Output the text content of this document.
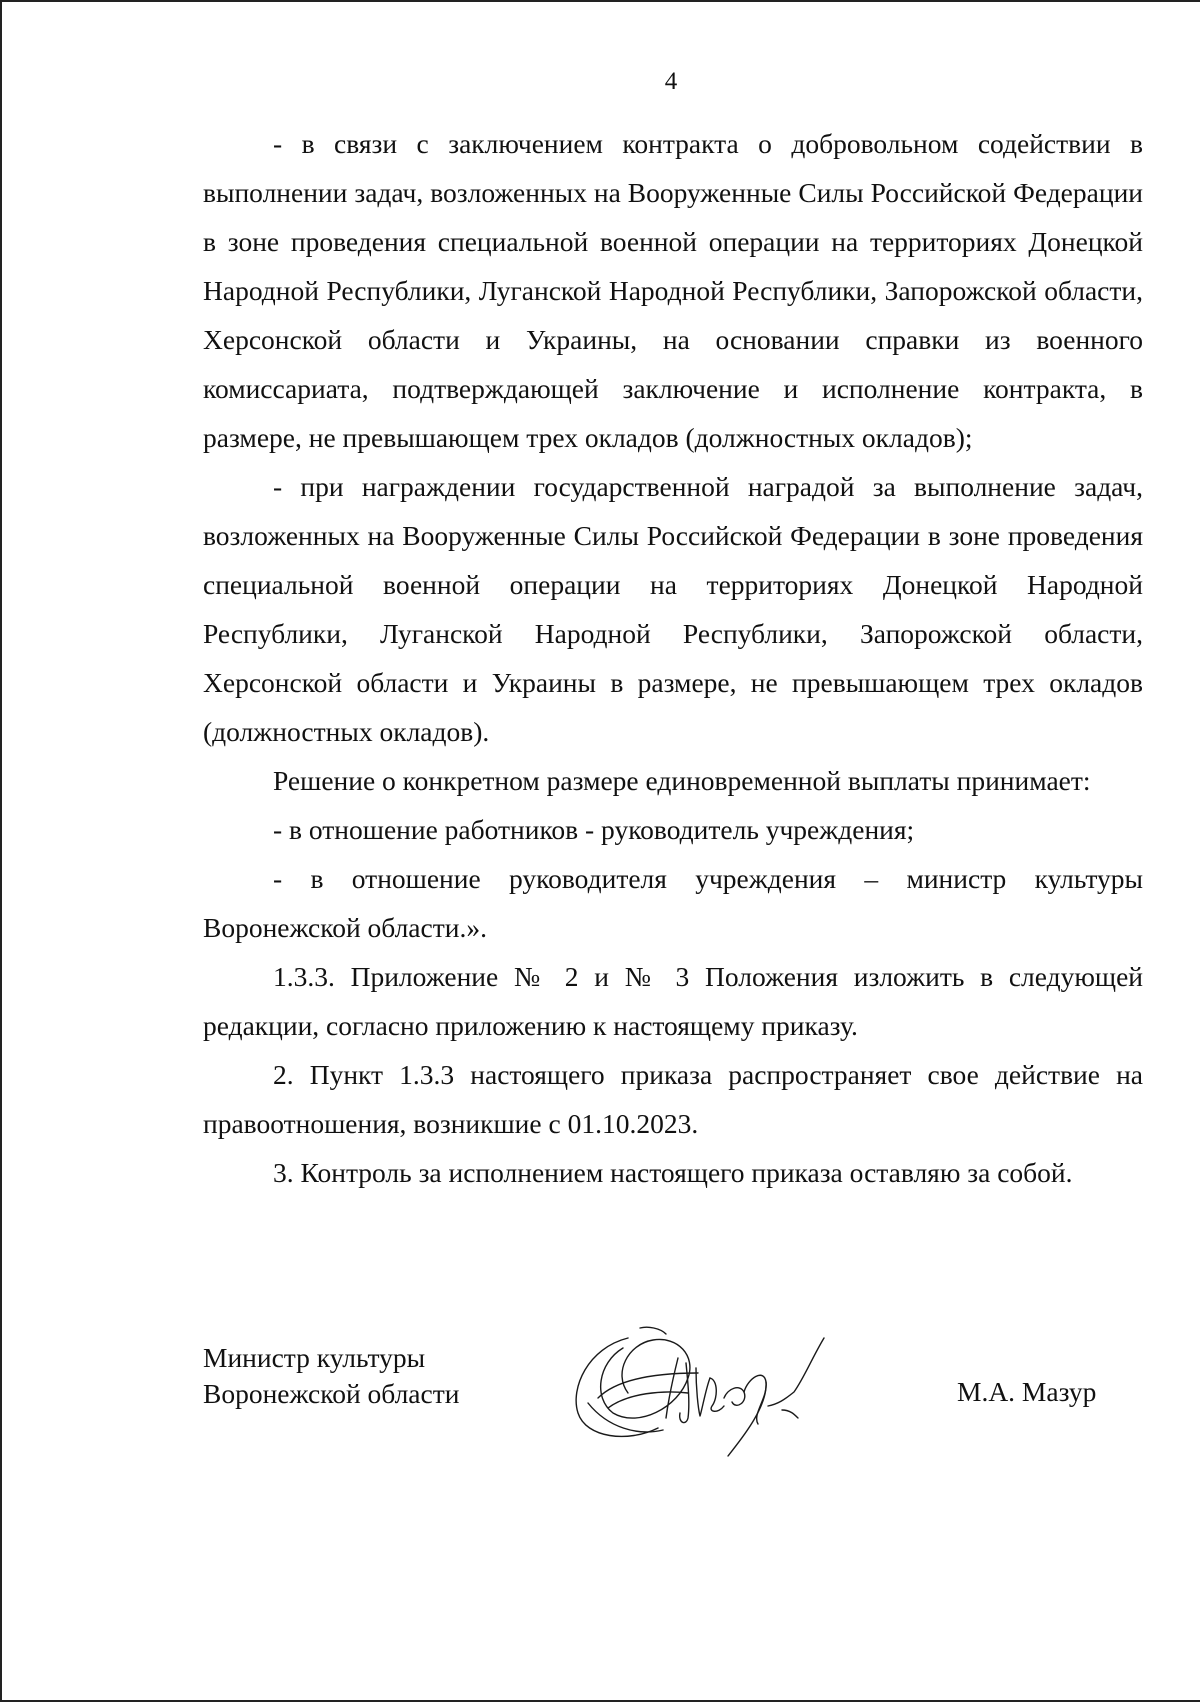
4

- в связи с заключением контракта о добровольном содействии в выполнении задач, возложенных на Вооруженные Силы Российской Федерации в зоне проведения специальной военной операции на территориях Донецкой Народной Республики, Луганской Народной Республики, Запорожской области, Херсонской области и Украины, на основании справки из военного комиссариата, подтверждающей заключение и исполнение контракта, в размере, не превышающем трех окладов (должностных окладов);

- при награждении государственной наградой за выполнение задач, возложенных на Вооруженные Силы Российской Федерации в зоне проведения специальной военной операции на территориях Донецкой Народной Республики, Луганской Народной Республики, Запорожской области, Херсонской области и Украины в размере, не превышающем трех окладов (должностных окладов).

Решение о конкретном размере единовременной выплаты принимает:

- в отношение работников - руководитель учреждения;

- в отношение руководителя учреждения – министр культуры Воронежской области.».

1.3.3. Приложение № 2 и № 3 Положения изложить в следующей редакции, согласно приложению к настоящему приказу.

2. Пункт 1.3.3 настоящего приказа распространяет свое действие на правоотношения, возникшие с 01.10.2023.

3. Контроль за исполнением настоящего приказа оставляю за собой.

Министр культуры
Воронежской области	М.А. Мазур
